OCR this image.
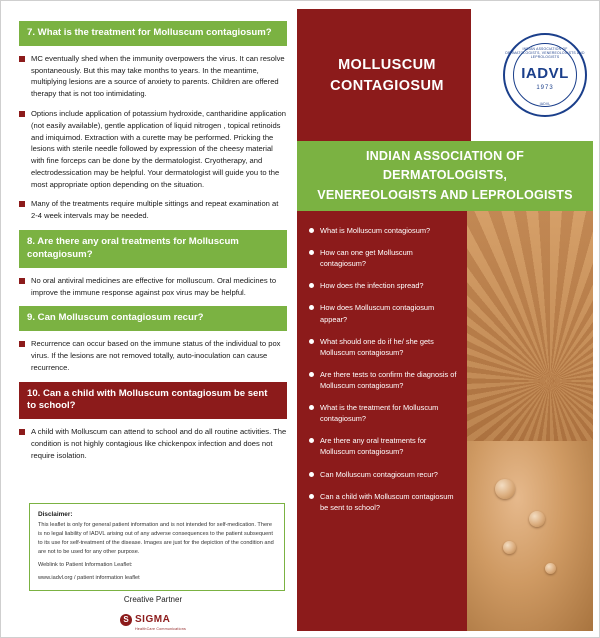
7. What is the treatment for Molluscum contagiosum?
MC eventually shed when the immunity overpowers the virus. It can resolve spontaneously. But this may take months to years. In the meantime, multiplying lesions are a source of anxiety to parents. Children are offered therapy that is not too intimidating.
Options include application of potassium hydroxide, cantharidine application (not easily available), gentle application of liquid nitrogen , topical retinoids and imiquimod. Extraction with a curette may be performed. Pricking the lesions with sterile needle followed by expression of the cheesy material with fine forceps can be done by the dermatologist. Cryotherapy, and electrodessication may be helpful. Your dermatologist will guide you to the most appropriate option depending on the situation.
Many of the treatments require multiple sittings and repeat examination at 2-4 week intervals may be needed.
8. Are there any oral treatments for Molluscum contagiosum?
No oral antiviral medicines are effective for molluscum. Oral medicines to improve the immune response against pox virus may be helpful.
9. Can Molluscum contagiosum recur?
Recurrence can occur based on the immune status of the individual to pox virus. If the lesions are not removed totally, auto-inoculation can cause recurrence.
10. Can a child with Molluscum contagiosum be sent to school?
A child with Molluscum can attend to school and do all routine activities. The condition is not highly contagious like chickenpox infection and does not require isolation.
Disclaimer:
This leaflet is only for general patient information and is not intended for self-medication. There is no legal liability of IADVL arising out of any adverse consequences to the patient subsequent to its use for self-treatment of the disease. Images are just for the depiction of the condition and are not to be used for any other purpose.
Weblink to Patient Information Leaflet:
www.iadvl.org / patient information leaflet
Creative Partner
S SIGMA
HealthCare Communications
MOLLUSCUM
CONTAGIOSUM
INDIAN ASSOCIATION OF DERMATOLOGISTS, VENEREOLOGISTS AND LEPROLOGISTS
IADVL
1973
IADVL
INDIAN ASSOCIATION OF DERMATOLOGISTS,
VENEREOLOGISTS AND LEPROLOGISTS
What is Molluscum contagiosum?
How can one get Molluscum contagiosum?
How does the infection spread?
How does Molluscum contagiosum appear?
What should one do if he/ she gets Molluscum contagiosum?
Are there tests to confirm the diagnosis of Molluscum contagiosum?
What is the treatment for Molluscum contagiosum?
Are there any oral treatments for Molluscum contagiosum?
Can Molluscum contagiosum recur?
Can a child with Molluscum contagiosum be sent to school?
